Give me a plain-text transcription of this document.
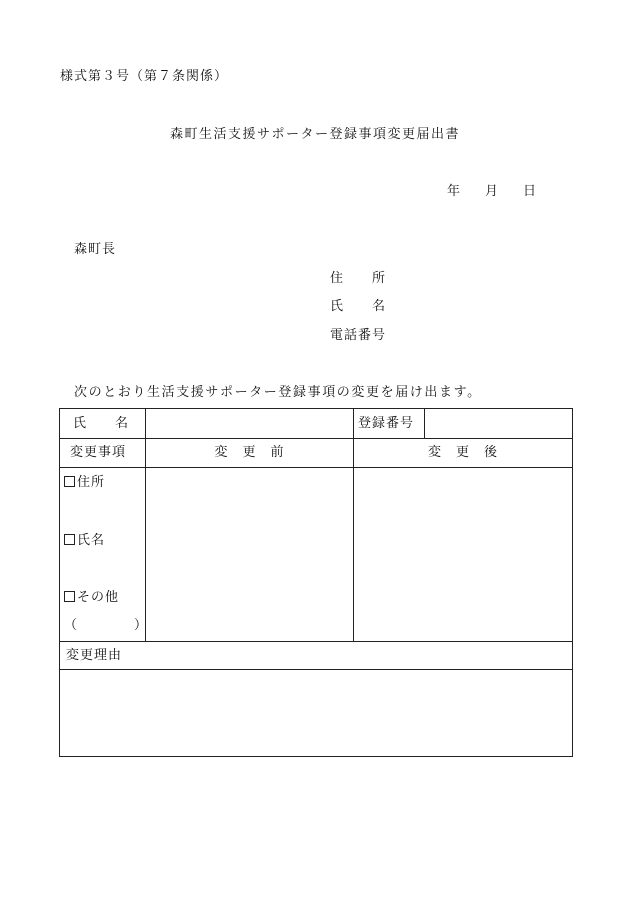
様式第３号（第７条関係）
森町生活支援サポーター登録事項変更届出書
年 月 日
森町長
住　　所
氏　　名
電話番号
次のとおり生活支援サポーター登録事項の変更を届け出ます。
氏　　名	登録番号
変更事項	変　更　前	変　更　後
住所
氏名
その他
（　　　　）
変更理由
